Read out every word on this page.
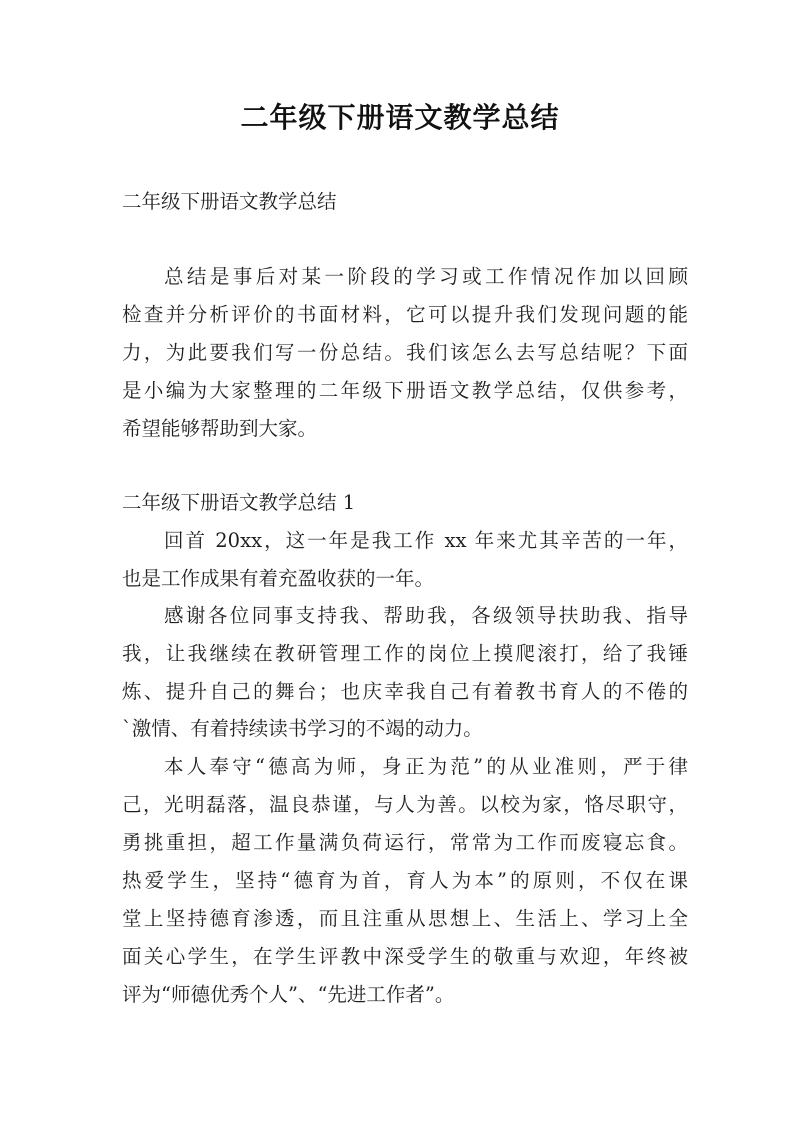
二年级下册语文教学总结
二年级下册语文教学总结
总结是事后对某一阶段的学习或工作情况作加以回顾
检查并分析评价的书面材料，它可以提升我们发现问题的能
力，为此要我们写一份总结。我们该怎么去写总结呢？下面
是小编为大家整理的二年级下册语文教学总结，仅供参考，
希望能够帮助到大家。
二年级下册语文教学总结 1
回首 20xx，这一年是我工作 xx 年来尤其辛苦的一年，
也是工作成果有着充盈收获的一年。
感谢各位同事支持我、帮助我，各级领导扶助我、指导
我，让我继续在教研管理工作的岗位上摸爬滚打，给了我锤
炼、提升自己的舞台；也庆幸我自己有着教书育人的不倦的
`激情、有着持续读书学习的不竭的动力。
本人奉守“德高为师，身正为范”的从业准则，严于律
己，光明磊落，温良恭谨，与人为善。以校为家，恪尽职守，
勇挑重担，超工作量满负荷运行，常常为工作而废寝忘食。
热爱学生，坚持“德育为首，育人为本”的原则，不仅在课
堂上坚持德育渗透，而且注重从思想上、生活上、学习上全
面关心学生，在学生评教中深受学生的敬重与欢迎，年终被
评为“师德优秀个人”、“先进工作者”。
